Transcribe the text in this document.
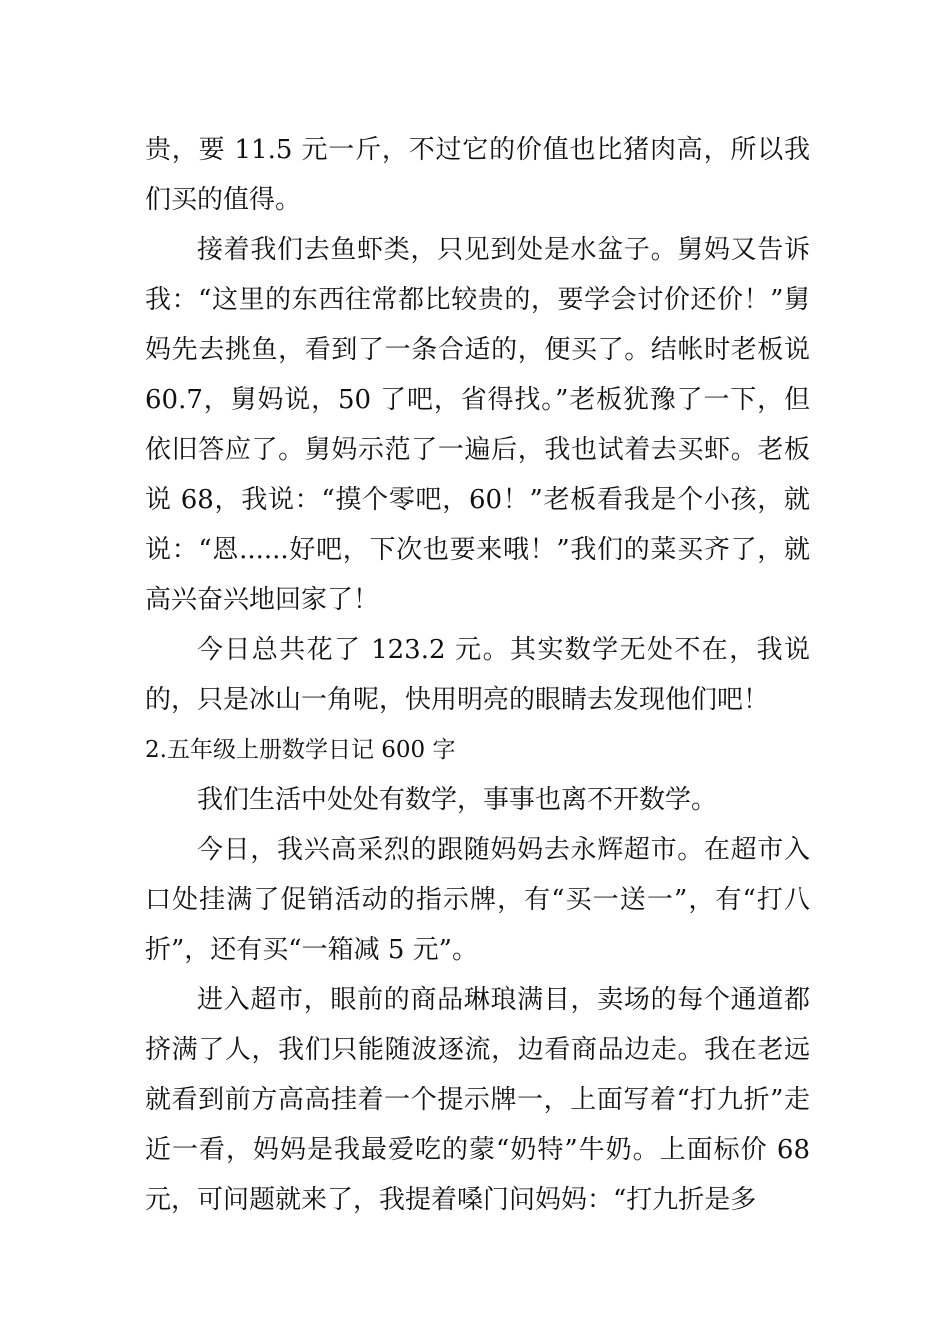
贵，要 11.5 元一斤，不过它的价值也比猪肉高，所以我们买的值得。

接着我们去鱼虾类，只见到处是水盆子。舅妈又告诉我：“这里的东西往常都比较贵的，要学会讨价还价！”舅妈先去挑鱼，看到了一条合适的，便买了。结帐时老板说 60.7，舅妈说，50 了吧，省得找。”老板犹豫了一下，但依旧答应了。舅妈示范了一遍后，我也试着去买虾。老板说 68，我说：“摸个零吧，60！”老板看我是个小孩，就说：“恩......好吧，下次也要来哦！”我们的菜买齐了，就高兴奋兴地回家了！

今日总共花了 123.2 元。其实数学无处不在，我说的，只是冰山一角呢，快用明亮的眼睛去发现他们吧！

2.五年级上册数学日记 600 字

我们生活中处处有数学，事事也离不开数学。

今日，我兴高采烈的跟随妈妈去永辉超市。在超市入口处挂满了促销活动的指示牌，有“买一送一”，有“打八折”，还有买“一箱减 5 元”。

进入超市，眼前的商品琳琅满目，卖场的每个通道都挤满了人，我们只能随波逐流，边看商品边走。我在老远就看到前方高高挂着一个提示牌一，上面写着“打九折”走近一看，妈妈是我最爱吃的蒙“奶特”牛奶。上面标价 68 元，可问题就来了，我提着嗓门问妈妈：“打九折是多
